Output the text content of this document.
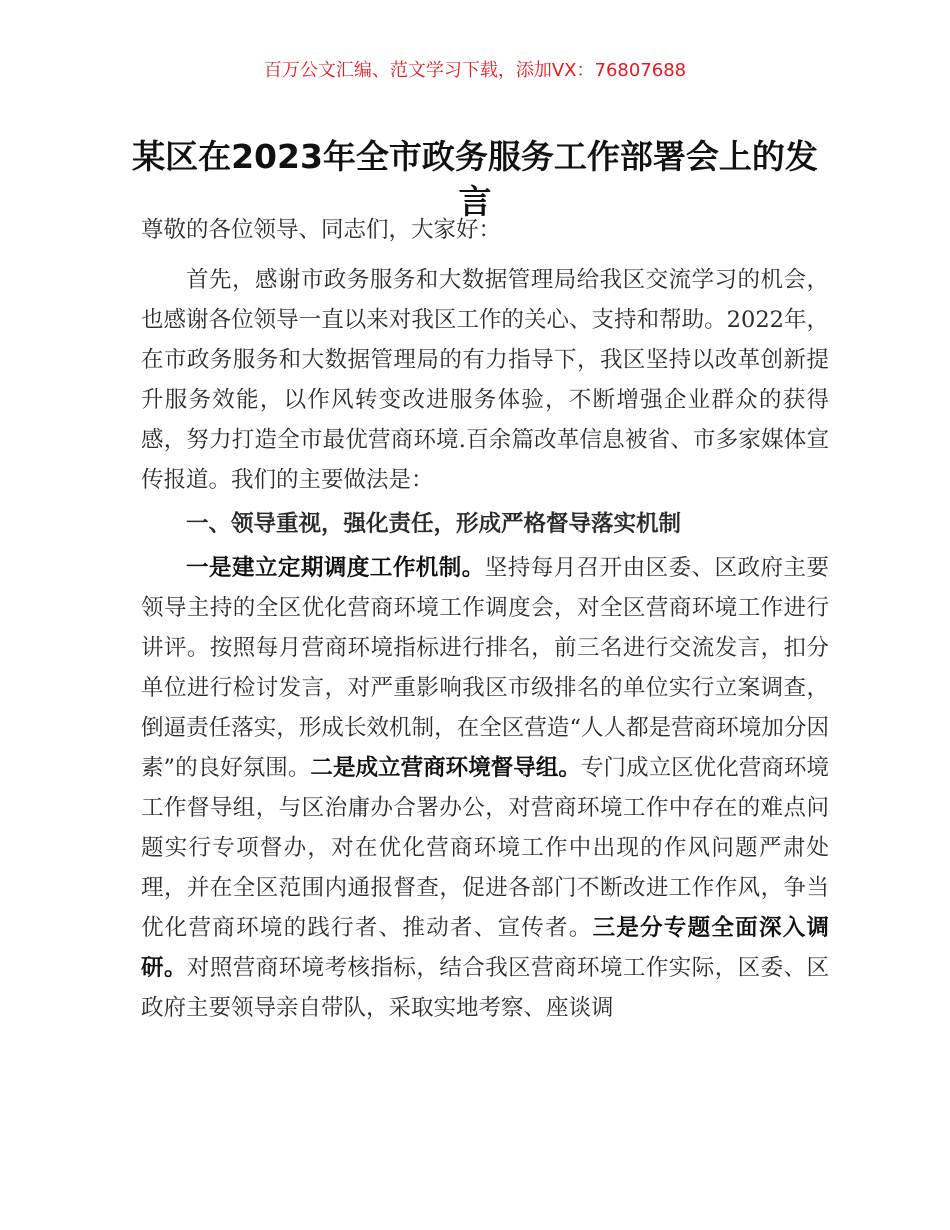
百万公文汇编、范文学习下载，添加VX：76807688
某区在2023年全市政务服务工作部署会上的发言

尊敬的各位领导、同志们，大家好：

首先，感谢市政务服务和大数据管理局给我区交流学习的机会，也感谢各位领导一直以来对我区工作的关心、支持和帮助。2022年，在市政务服务和大数据管理局的有力指导下，我区坚持以改革创新提升服务效能，以作风转变改进服务体验，不断增强企业群众的获得感，努力打造全市最优营商环境.百余篇改革信息被省、市多家媒体宣传报道。我们的主要做法是：

一、领导重视，强化责任，形成严格督导落实机制

一是建立定期调度工作机制。坚持每月召开由区委、区政府主要领导主持的全区优化营商环境工作调度会，对全区营商环境工作进行讲评。按照每月营商环境指标进行排名，前三名进行交流发言，扣分单位进行检讨发言，对严重影响我区市级排名的单位实行立案调查，倒逼责任落实，形成长效机制，在全区营造“人人都是营商环境加分因素”的良好氛围。二是成立营商环境督导组。专门成立区优化营商环境工作督导组，与区治庸办合署办公，对营商环境工作中存在的难点问题实行专项督办，对在优化营商环境工作中出现的作风问题严肃处理，并在全区范围内通报督查，促进各部门不断改进工作作风，争当优化营商环境的践行者、推动者、宣传者。三是分专题全面深入调研。对照营商环境考核指标，结合我区营商环境工作实际，区委、区政府主要领导亲自带队，采取实地考察、座谈调
